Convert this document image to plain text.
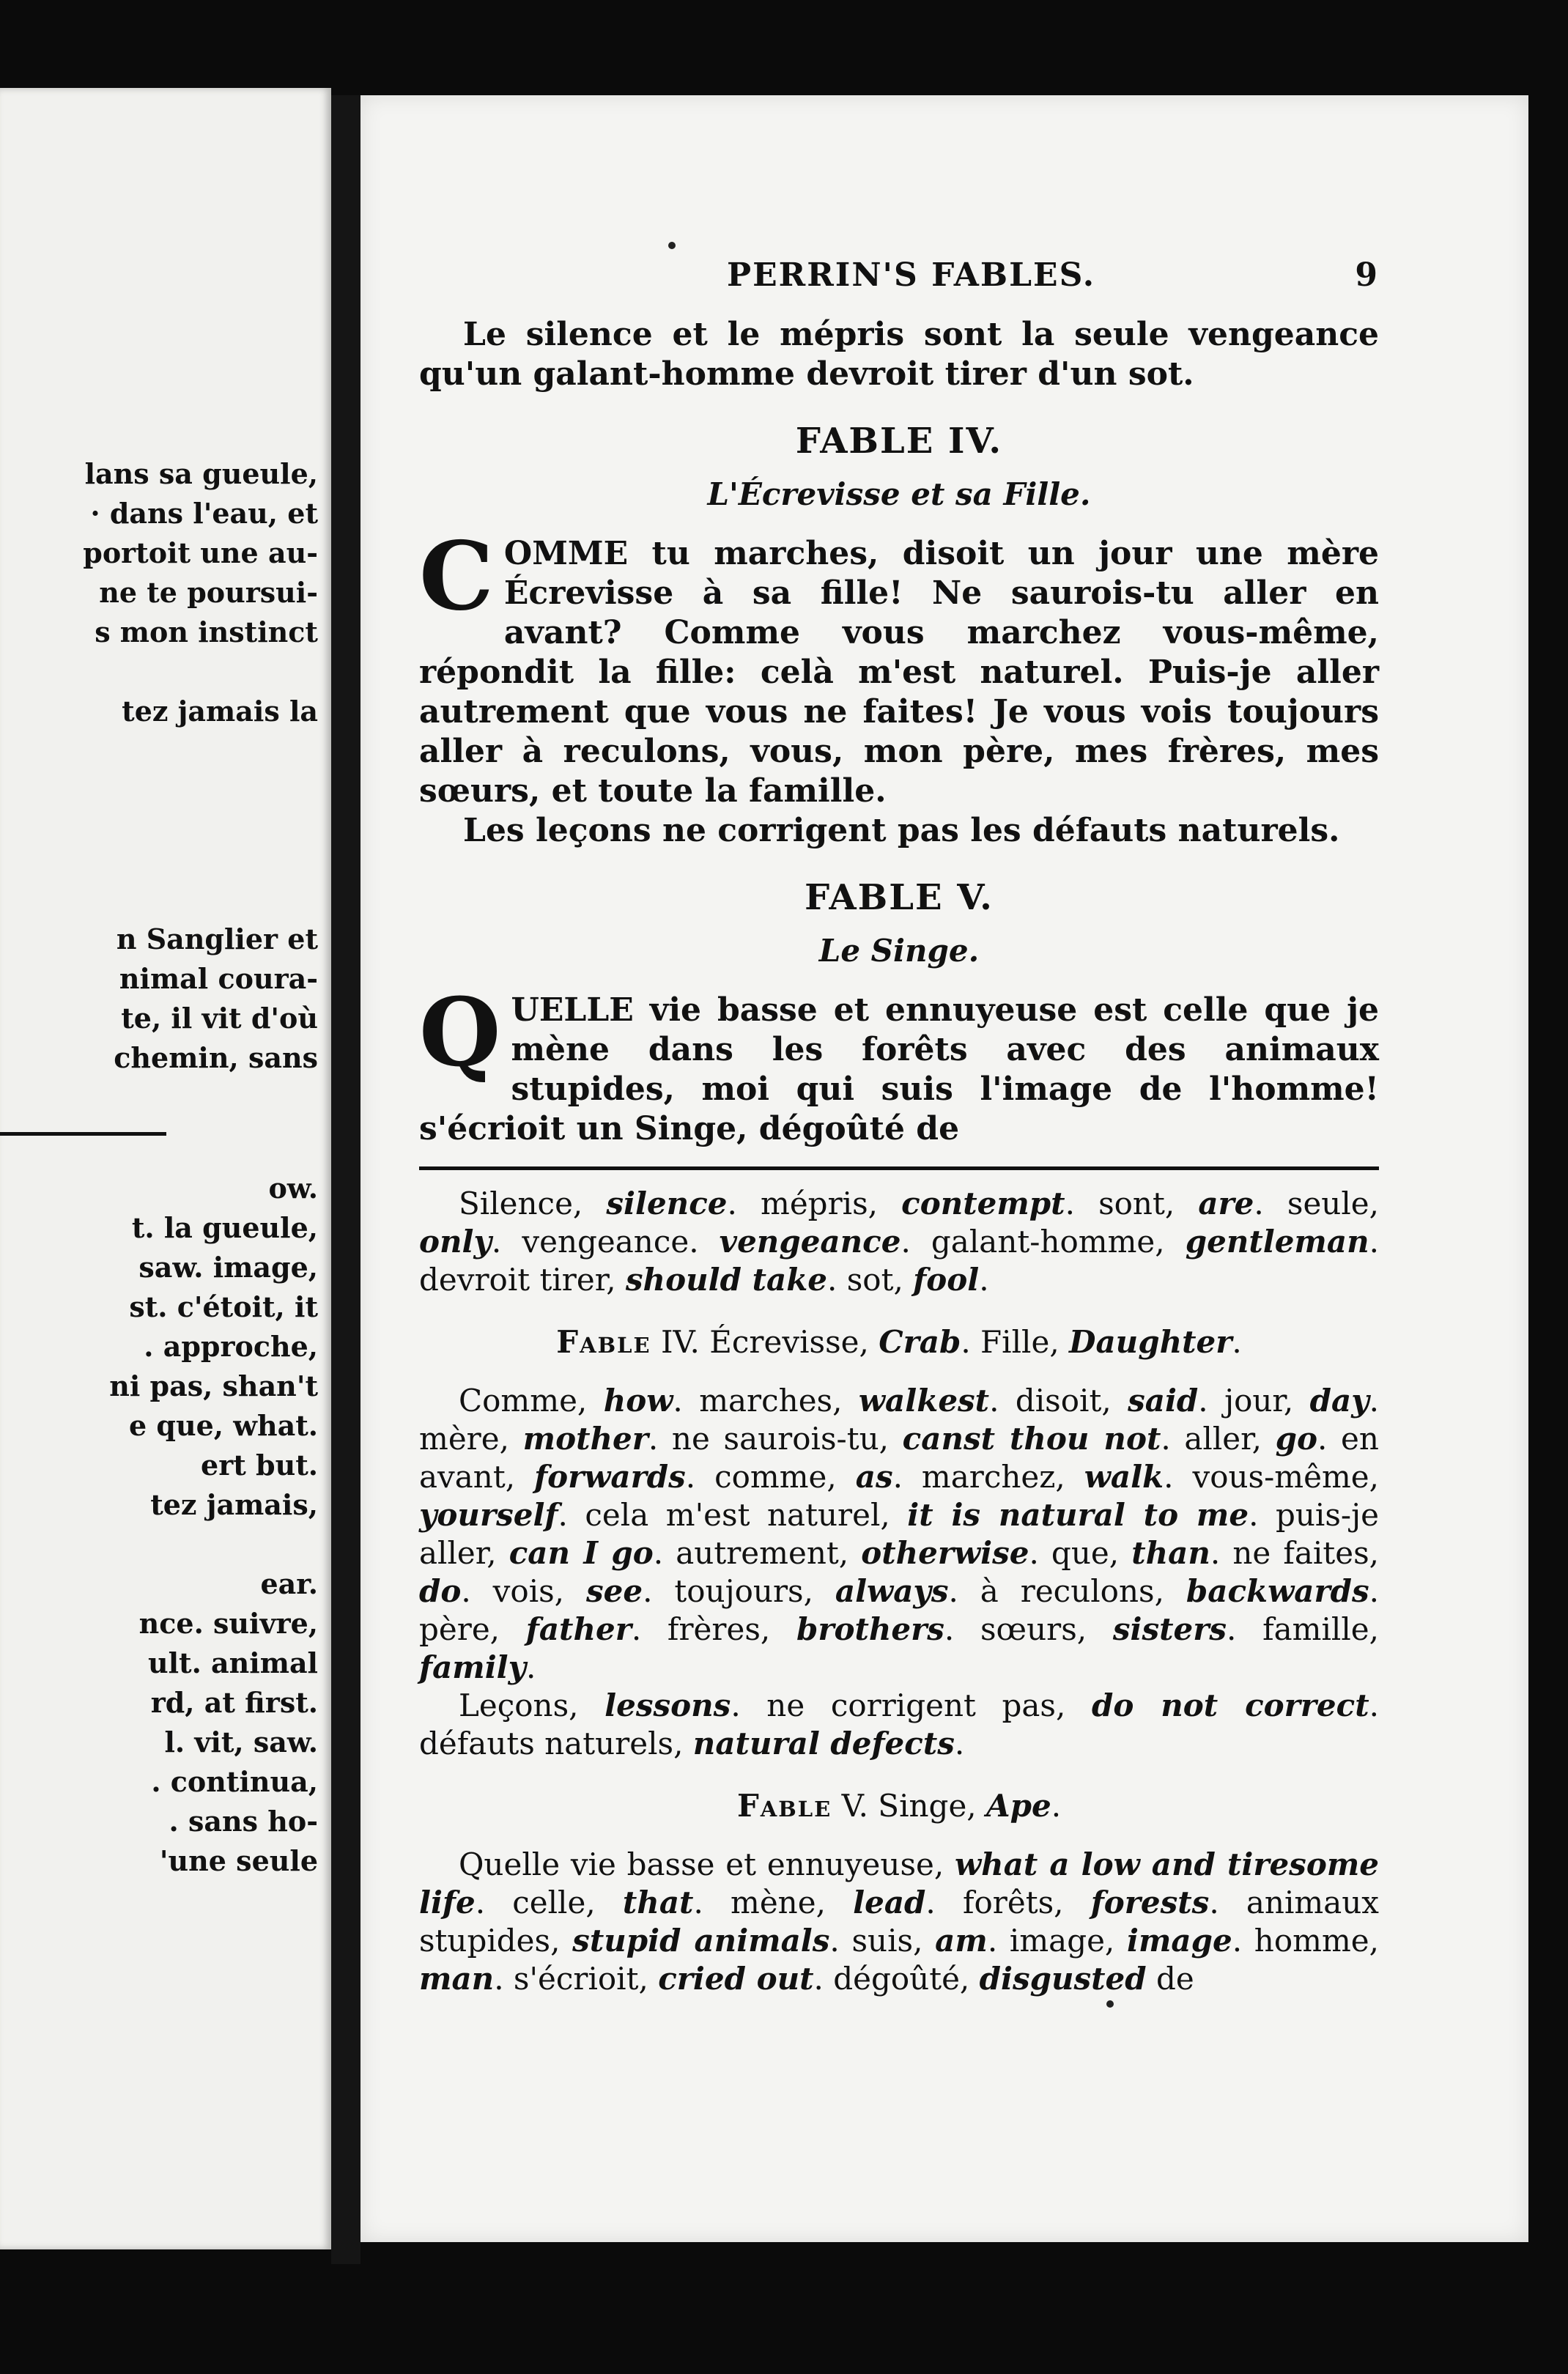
lans sa gueule,
· dans l'eau, et
portoit une au-
ne te poursui-
s mon instinct
tez jamais la
n Sanglier et
nimal coura-
te, il vit d'où
chemin, sans
ow.
t. la gueule,
saw. image,
st. c'étoit, it
. approche,
ni pas, shan't
e que, what.
ert but.
tez jamais,
ear.
nce. suivre,
ult. animal
rd, at first.
l. vit, saw.
. continua,
. sans ho-
'une seule
PERRIN'S FABLES.	9

Le silence et le mépris sont la seule vengeance qu'un galant-homme devroit tirer d'un sot.

FABLE IV.
L'Écrevisse et sa Fille.

COMME tu marches, disoit un jour une mère Écrevisse à sa fille! Ne saurois-tu aller en avant? Comme vous marchez vous-même, répondit la fille: celà m'est naturel. Puis-je aller autrement que vous ne faites! Je vous vois toujours aller à reculons, vous, mon père, mes frères, mes sœurs, et toute la famille.

Les leçons ne corrigent pas les défauts naturels.

FABLE V.
Le Singe.

QUELLE vie basse et ennuyeuse est celle que je mène dans les forêts avec des animaux stupides, moi qui suis l'image de l'homme! s'écrioit un Singe, dégoûté de

Silence, silence. mépris, contempt. sont, are. seule, only. vengeance. vengeance. galant-homme, gentleman. devroit tirer, should take. sot, fool.

Fable IV. Écrevisse, Crab. Fille, Daughter.

Comme, how. marches, walkest. disoit, said. jour, day. mère, mother. ne saurois-tu, canst thou not. aller, go. en avant, forwards. comme, as. marchez, walk. vous-même, yourself. cela m'est naturel, it is natural to me. puis-je aller, can I go. autrement, otherwise. que, than. ne faites, do. vois, see. toujours, always. à reculons, backwards. père, father. frères, brothers. sœurs, sisters. famille, family.

Leçons, lessons. ne corrigent pas, do not correct. défauts naturels, natural defects.

Fable V. Singe, Ape.

Quelle vie basse et ennuyeuse, what a low and tiresome life. celle, that. mène, lead. forêts, forests. animaux stupides, stupid animals. suis, am. image, image. homme, man. s'écrioit, cried out. dégoûté, disgusted de
